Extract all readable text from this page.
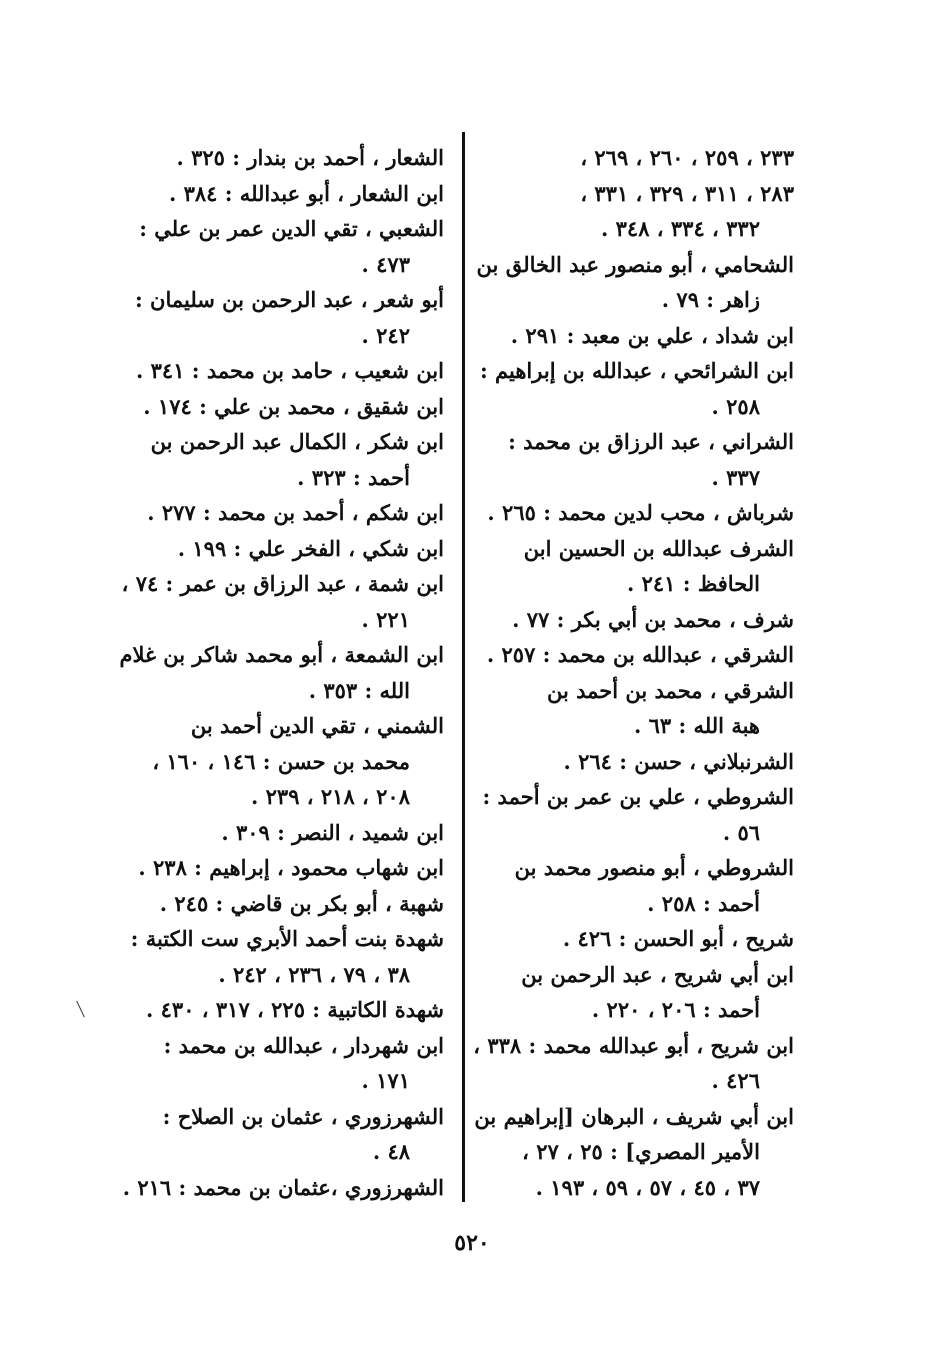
٢٣٣ ، ٢٥٩ ، ٢٦٠ ، ٢٦٩ ،
٢٨٣ ، ٣١١ ، ٣٢٩ ، ٣٣١ ،
٣٣٢ ، ٣٣٤ ، ٣٤٨ .
الشحامي ، أبو منصور عبد الخالق بن
زاهر : ٧٩ .
ابن شداد ، علي بن معبد : ٢٩١ .
ابن الشرائحي ، عبدالله بن إبراهيم :
٢٥٨ .
الشراني ، عبد الرزاق بن محمد :
٣٣٧ .
شرباش ، محب لدين محمد : ٢٦٥ .
الشرف عبدالله بن الحسين ابن
الحافظ : ٢٤١ .
شرف ، محمد بن أبي بكر : ٧٧ .
الشرقي ، عبدالله بن محمد : ٢٥٧ .
الشرقي ، محمد بن أحمد بن
هبة الله : ٦٣ .
الشرنبلاني ، حسن : ٢٦٤ .
الشروطي ، علي بن عمر بن أحمد :
٥٦ .
الشروطي ، أبو منصور محمد بن
أحمد : ٢٥٨ .
شريح ، أبو الحسن : ٤٢٦ .
ابن أبي شريح ، عبد الرحمن بن
أحمد : ٢٠٦ ، ٢٢٠ .
ابن شريح ، أبو عبدالله محمد : ٣٣٨ ،
٤٢٦ .
ابن أبي شريف ، البرهان [إبراهيم بن
الأمير المصري] : ٢٥ ، ٢٧ ،
٣٧ ، ٤٥ ، ٥٧ ، ٥٩ ، ١٩٣ .
الشعار ، أحمد بن بندار : ٣٢٥ .
ابن الشعار ، أبو عبدالله : ٣٨٤ .
الشعبي ، تقي الدين عمر بن علي :
٤٧٣ .
أبو شعر ، عبد الرحمن بن سليمان :
٢٤٢ .
ابن شعيب ، حامد بن محمد : ٣٤١ .
ابن شقيق ، محمد بن علي : ١٧٤ .
ابن شكر ، الكمال عبد الرحمن بن
أحمد : ٣٢٣ .
ابن شكم ، أحمد بن محمد : ٢٧٧ .
ابن شكي ، الفخر علي : ١٩٩ .
ابن شمة ، عبد الرزاق بن عمر : ٧٤ ،
٢٢١ .
ابن الشمعة ، أبو محمد شاكر بن غلام
الله : ٣٥٣ .
الشمني ، تقي الدين أحمد بن
محمد بن حسن : ١٤٦ ، ١٦٠ ،
٢٠٨ ، ٢١٨ ، ٢٣٩ .
ابن شميد ، النصر : ٣٠٩ .
ابن شهاب محمود ، إبراهيم : ٢٣٨ .
شهبة ، أبو بكر بن قاضي : ٢٤٥ .
شهدة بنت أحمد الأبري ست الكتبة :
٣٨ ، ٧٩ ، ٢٣٦ ، ٢٤٢ .
شهدة الكاتبية : ٢٢٥ ، ٣١٧ ، ٤٣٠ .
ابن شهردار ، عبدالله بن محمد :
١٧١ .
الشهرزوري ، عثمان بن الصلاح :
٤٨ .
الشهرزوري ،عثمان بن محمد : ٢١٦ .
٥٢٠
